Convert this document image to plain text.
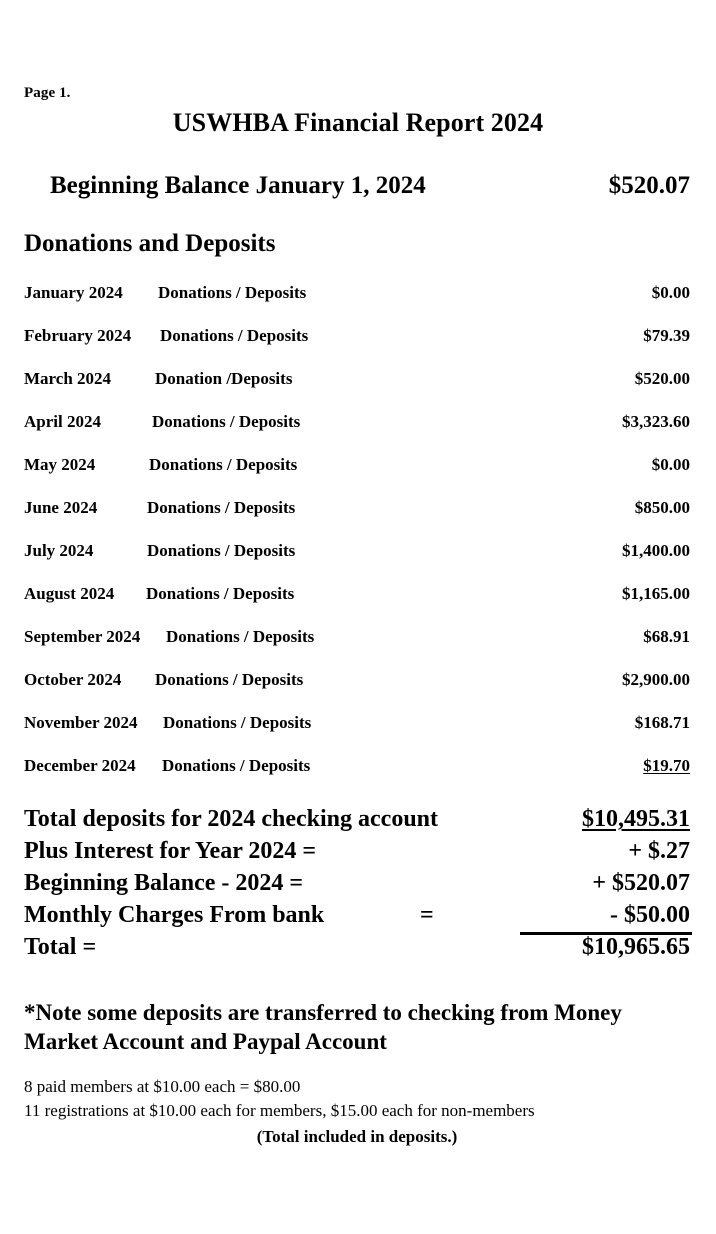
Page 1.
USWHBA Financial Report 2024
Beginning Balance January 1, 2024	$520.07
Donations and Deposits
January 2024 Donations / Deposits	$0.00
February 2024 Donations / Deposits	$79.39
March 2024	Donation /Deposits	$520.00
April 2024	Donations / Deposits	$3,323.60
May 2024	Donations / Deposits	$0.00
June 2024	Donations / Deposits	$850.00
July 2024	Donations / Deposits	$1,400.00
August 2024 Donations / Deposits	$1,165.00
September 2024 Donations / Deposits	$68.91
October 2024 Donations / Deposits	$2,900.00
November 2024 Donations / Deposits	$168.71
December 2024 Donations / Deposits	$19.70
Total deposits for 2024 checking account	$10,495.31
Plus Interest for Year 2024 =	+ $.27
Beginning Balance - 2024 =	+ $520.07
Monthly Charges From bank	=	- $50.00
Total =	$10,965.65
*Note some deposits are transferred to checking from Money Market Account and Paypal Account
8 paid members at $10.00 each = $80.00
11 registrations at $10.00 each for members, $15.00 each for non-members
(Total included in deposits.)
